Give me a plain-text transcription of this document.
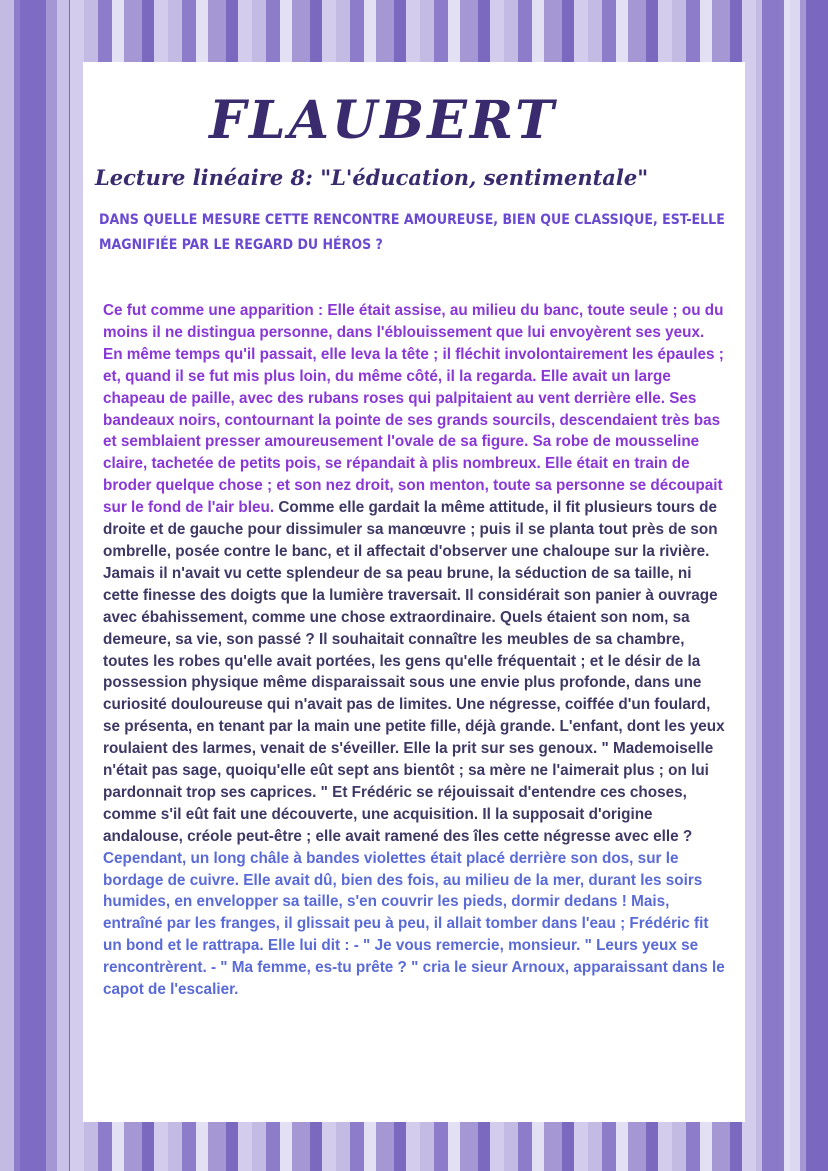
FLAUBERT
Lecture linéaire 8: "L'éducation, sentimentale"

DANS QUELLE MESURE CETTE RENCONTRE AMOUREUSE, BIEN QUE CLASSIQUE, EST-ELLE MAGNIFIÉE PAR LE REGARD DU HÉROS ?

Ce fut comme une apparition : Elle était assise, au milieu du banc, toute seule ; ou du moins il ne distingua personne, dans l'éblouissement que lui envoyèrent ses yeux. En même temps qu'il passait, elle leva la tête ; il fléchit involontairement les épaules ; et, quand il se fut mis plus loin, du même côté, il la regarda. Elle avait un large chapeau de paille, avec des rubans roses qui palpitaient au vent derrière elle. Ses bandeaux noirs, contournant la pointe de ses grands sourcils, descendaient très bas et semblaient presser amoureusement l'ovale de sa figure. Sa robe de mousseline claire, tachetée de petits pois, se répandait à plis nombreux. Elle était en train de broder quelque chose ; et son nez droit, son menton, toute sa personne se découpait sur le fond de l'air bleu. Comme elle gardait la même attitude, il fit plusieurs tours de droite et de gauche pour dissimuler sa manœuvre ; puis il se planta tout près de son ombrelle, posée contre le banc, et il affectait d'observer une chaloupe sur la rivière. Jamais il n'avait vu cette splendeur de sa peau brune, la séduction de sa taille, ni cette finesse des doigts que la lumière traversait. Il considérait son panier à ouvrage avec ébahissement, comme une chose extraordinaire. Quels étaient son nom, sa demeure, sa vie, son passé ? Il souhaitait connaître les meubles de sa chambre, toutes les robes qu'elle avait portées, les gens qu'elle fréquentait ; et le désir de la possession physique même disparaissait sous une envie plus profonde, dans une curiosité douloureuse qui n'avait pas de limites. Une négresse, coiffée d'un foulard, se présenta, en tenant par la main une petite fille, déjà grande. L'enfant, dont les yeux roulaient des larmes, venait de s'éveiller. Elle la prit sur ses genoux. " Mademoiselle n'était pas sage, quoiqu'elle eût sept ans bientôt ; sa mère ne l'aimerait plus ; on lui pardonnait trop ses caprices. " Et Frédéric se réjouissait d'entendre ces choses, comme s'il eût fait une découverte, une acquisition. Il la supposait d'origine andalouse, créole peut-être ; elle avait ramené des îles cette négresse avec elle ? Cependant, un long châle à bandes violettes était placé derrière son dos, sur le bordage de cuivre. Elle avait dû, bien des fois, au milieu de la mer, durant les soirs humides, en envelopper sa taille, s'en couvrir les pieds, dormir dedans ! Mais, entraîné par les franges, il glissait peu à peu, il allait tomber dans l'eau ; Frédéric fit un bond et le rattrapa. Elle lui dit : - " Je vous remercie, monsieur. " Leurs yeux se rencontrèrent. - " Ma femme, es-tu prête ? " cria le sieur Arnoux, apparaissant dans le capot de l'escalier.
